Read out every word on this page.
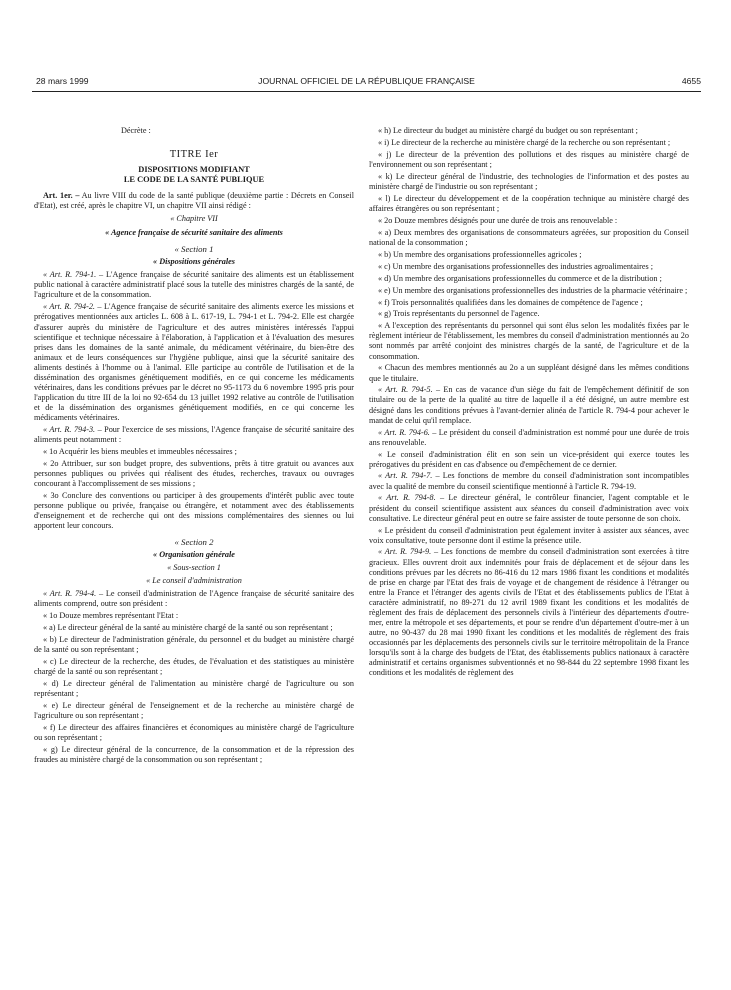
28 mars 1999	JOURNAL OFFICIEL DE LA RÉPUBLIQUE FRANÇAISE	4655

Décrète :

TITRE Ier

DISPOSITIONS MODIFIANT

LE CODE DE LA SANTÉ PUBLIQUE

Art. 1er. – Au livre VIII du code de la santé publique (deuxième partie : Décrets en Conseil d'Etat), est créé, après le chapitre VI, un chapitre VII ainsi rédigé :

« Chapitre VII

« Agence française de sécurité sanitaire des aliments

« Section 1

« Dispositions générales

« Art. R. 794-1. – L'Agence française de sécurité sanitaire des aliments est un établissement public national à caractère administratif placé sous la tutelle des ministres chargés de la santé, de l'agriculture et de la consommation.

« Art. R. 794-2. – L'Agence française de sécurité sanitaire des aliments exerce les missions et prérogatives mentionnées aux articles L. 608 à L. 617-19, L. 794-1 et L. 794-2. Elle est chargée d'assurer auprès du ministère de l'agriculture et des autres ministères intéressés l'appui scientifique et technique nécessaire à l'élaboration, à l'application et à l'évaluation des mesures prises dans les domaines de la santé animale, du médicament vétérinaire, du bien-être des animaux et de leurs conséquences sur l'hygiène publique, ainsi que la sécurité sanitaire des aliments destinés à l'homme ou à l'animal. Elle participe au contrôle de l'utilisation et de la dissémination des organismes génétiquement modifiés, en ce qui concerne les médicaments vétérinaires, dans les conditions prévues par le décret no 95-1173 du 6 novembre 1995 pris pour l'application du titre III de la loi no 92-654 du 13 juillet 1992 relative au contrôle de l'utilisation et de la dissémination des organismes génétiquement modifiés, en ce qui concerne les médicaments vétérinaires.

« Art. R. 794-3. – Pour l'exercice de ses missions, l'Agence française de sécurité sanitaire des aliments peut notamment :

« 1o Acquérir les biens meubles et immeubles nécessaires ;

« 2o Attribuer, sur son budget propre, des subventions, prêts à titre gratuit ou avances aux personnes publiques ou privées qui réalisent des études, recherches, travaux ou ouvrages concourant à l'accomplissement de ses missions ;

« 3o Conclure des conventions ou participer à des groupements d'intérêt public avec toute personne publique ou privée, française ou étrangère, et notamment avec des établissements d'enseignement et de recherche qui ont des missions complémentaires des siennes ou lui apportent leur concours.

« Section 2

« Organisation générale

« Sous-section 1

« Le conseil d'administration

« Art. R. 794-4. – Le conseil d'administration de l'Agence française de sécurité sanitaire des aliments comprend, outre son président :

« 1o Douze membres représentant l'Etat :

« a) Le directeur général de la santé au ministère chargé de la santé ou son représentant ;

« b) Le directeur de l'administration générale, du personnel et du budget au ministère chargé de la santé ou son représentant ;

« c) Le directeur de la recherche, des études, de l'évaluation et des statistiques au ministère chargé de la santé ou son représentant ;

« d) Le directeur général de l'alimentation au ministère chargé de l'agriculture ou son représentant ;

« e) Le directeur général de l'enseignement et de la recherche au ministère chargé de l'agriculture ou son représentant ;

« f) Le directeur des affaires financières et économiques au ministère chargé de l'agriculture ou son représentant ;

« g) Le directeur général de la concurrence, de la consommation et de la répression des fraudes au ministère chargé de la consommation ou son représentant ;

« h) Le directeur du budget au ministère chargé du budget ou son représentant ;

« i) Le directeur de la recherche au ministère chargé de la recherche ou son représentant ;

« j) Le directeur de la prévention des pollutions et des risques au ministère chargé de l'environnement ou son représentant ;

« k) Le directeur général de l'industrie, des technologies de l'information et des postes au ministère chargé de l'industrie ou son représentant ;

« l) Le directeur du développement et de la coopération technique au ministère chargé des affaires étrangères ou son représentant ;

« 2o Douze membres désignés pour une durée de trois ans renouvelable :

« a) Deux membres des organisations de consommateurs agréées, sur proposition du Conseil national de la consommation ;

« b) Un membre des organisations professionnelles agricoles ;

« c) Un membre des organisations professionnelles des industries agroalimentaires ;

« d) Un membre des organisations professionnelles du commerce et de la distribution ;

« e) Un membre des organisations professionnelles des industries de la pharmacie vétérinaire ;

« f) Trois personnalités qualifiées dans les domaines de compétence de l'agence ;

« g) Trois représentants du personnel de l'agence.

« A l'exception des représentants du personnel qui sont élus selon les modalités fixées par le règlement intérieur de l'établissement, les membres du conseil d'administration mentionnés au 2o sont nommés par arrêté conjoint des ministres chargés de la santé, de l'agriculture et de la consommation.

« Chacun des membres mentionnés au 2o a un suppléant désigné dans les mêmes conditions que le titulaire.

« Art. R. 794-5. – En cas de vacance d'un siège du fait de l'empêchement définitif de son titulaire ou de la perte de la qualité au titre de laquelle il a été désigné, un autre membre est désigné dans les conditions prévues à l'avant-dernier alinéa de l'article R. 794-4 pour achever le mandat de celui qu'il remplace.

« Art. R. 794-6. – Le président du conseil d'administration est nommé pour une durée de trois ans renouvelable.

« Le conseil d'administration élit en son sein un vice-président qui exerce toutes les prérogatives du président en cas d'absence ou d'empêchement de ce dernier.

« Art. R. 794-7. – Les fonctions de membre du conseil d'administration sont incompatibles avec la qualité de membre du conseil scientifique mentionné à l'article R. 794-19.

« Art. R. 794-8. – Le directeur général, le contrôleur financier, l'agent comptable et le président du conseil scientifique assistent aux séances du conseil d'administration avec voix consultative. Le directeur général peut en outre se faire assister de toute personne de son choix.

« Le président du conseil d'administration peut également inviter à assister aux séances, avec voix consultative, toute personne dont il estime la présence utile.

« Art. R. 794-9. – Les fonctions de membre du conseil d'administration sont exercées à titre gracieux. Elles ouvrent droit aux indemnités pour frais de déplacement et de séjour dans les conditions prévues par les décrets no 86-416 du 12 mars 1986 fixant les conditions et modalités de prise en charge par l'Etat des frais de voyage et de changement de résidence à l'étranger ou entre la France et l'étranger des agents civils de l'Etat et des établissements publics de l'Etat à caractère administratif, no 89-271 du 12 avril 1989 fixant les conditions et les modalités de règlement des frais de déplacement des personnels civils à l'intérieur des départements d'outre-mer, entre la métropole et ses départements, et pour se rendre d'un département d'outre-mer à un autre, no 90-437 du 28 mai 1990 fixant les conditions et les modalités de règlement des frais occasionnés par les déplacements des personnels civils sur le territoire métropolitain de la France lorsqu'ils sont à la charge des budgets de l'Etat, des établissements publics nationaux à caractère administratif et certains organismes subventionnés et no 98-844 du 22 septembre 1998 fixant les conditions et les modalités de règlement des
